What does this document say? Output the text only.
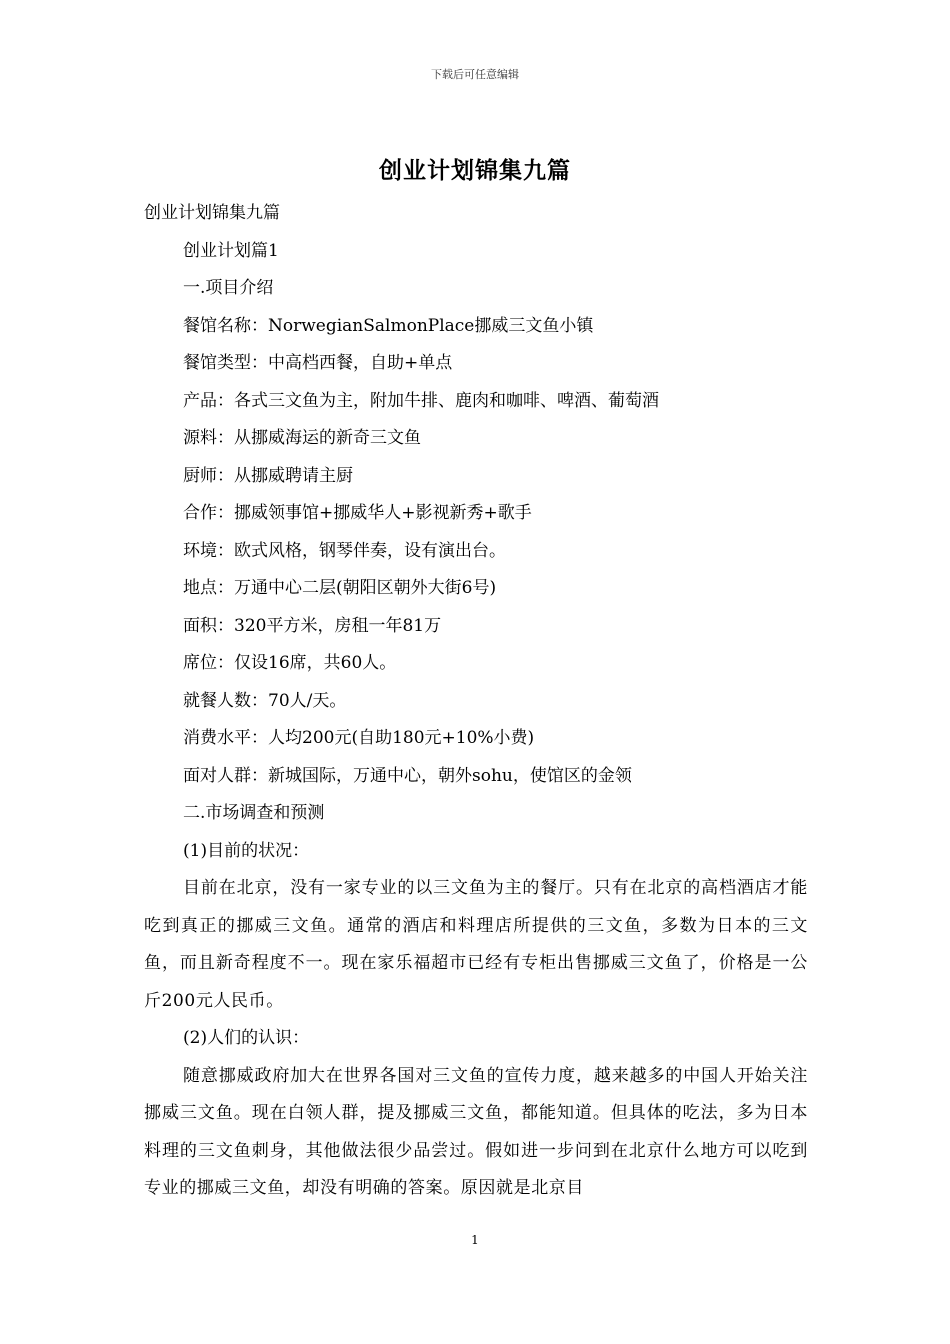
下载后可任意编辑
创业计划锦集九篇
创业计划锦集九篇
创业计划篇1
一.项目介绍
餐馆名称：NorwegianSalmonPlace挪威三文鱼小镇
餐馆类型：中高档西餐，自助+单点
产品：各式三文鱼为主，附加牛排、鹿肉和咖啡、啤酒、葡萄酒
源料：从挪威海运的新奇三文鱼
厨师：从挪威聘请主厨
合作：挪威领事馆+挪威华人+影视新秀+歌手
环境：欧式风格，钢琴伴奏，设有演出台。
地点：万通中心二层(朝阳区朝外大街6号)
面积：320平方米，房租一年81万
席位：仅设16席，共60人。
就餐人数：70人/天。
消费水平：人均200元(自助180元+10%小费)
面对人群：新城国际，万通中心，朝外sohu，使馆区的金领
二.市场调查和预测
(1)目前的状况：
目前在北京，没有一家专业的以三文鱼为主的餐厅。只有在北京的高档酒店才能吃到真正的挪威三文鱼。通常的酒店和料理店所提供的三文鱼，多数为日本的三文鱼，而且新奇程度不一。现在家乐福超市已经有专柜出售挪威三文鱼了，价格是一公斤200元人民币。
(2)人们的认识：
随意挪威政府加大在世界各国对三文鱼的宣传力度，越来越多的中国人开始关注挪威三文鱼。现在白领人群，提及挪威三文鱼，都能知道。但具体的吃法，多为日本料理的三文鱼刺身，其他做法很少品尝过。假如进一步问到在北京什么地方可以吃到专业的挪威三文鱼，却没有明确的答案。原因就是北京目
1
